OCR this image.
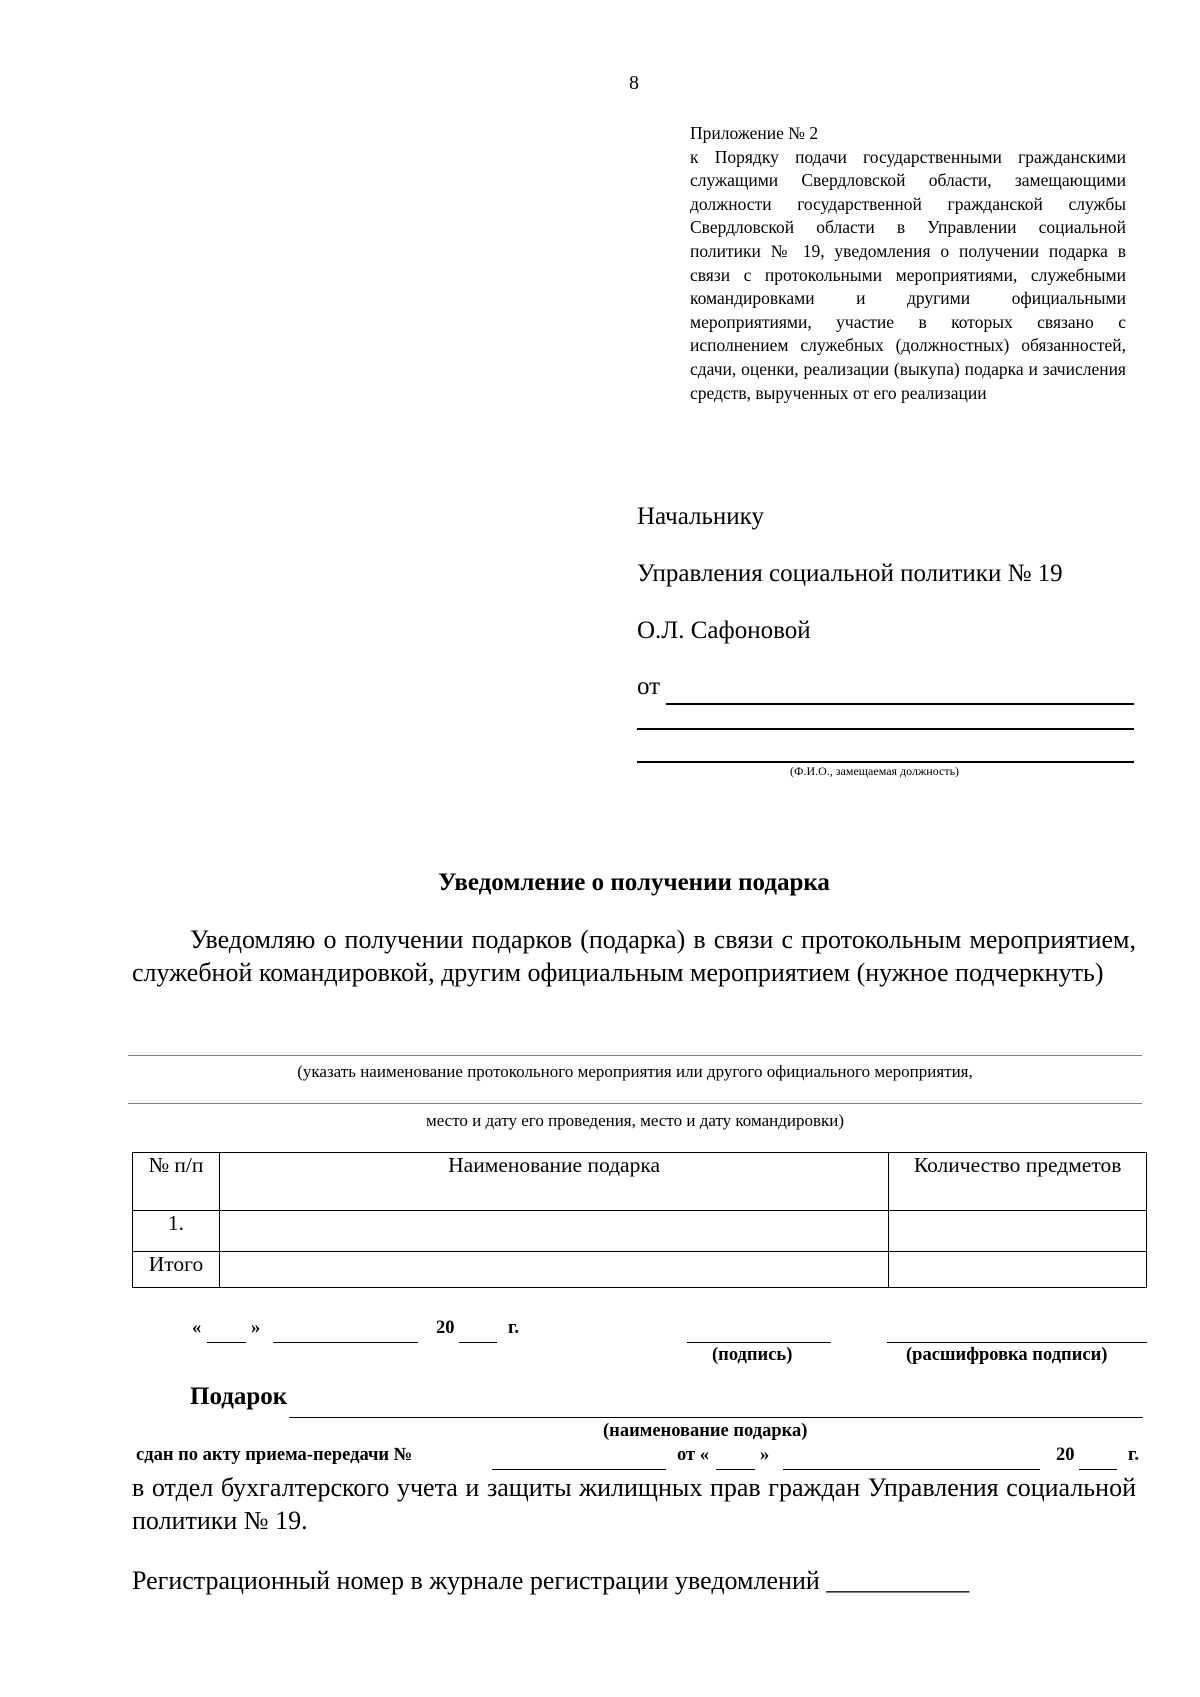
8
Приложение № 2
к Порядку подачи государственными гражданскими служащими Свердловской области, замещающими должности государственной гражданской службы Свердловской области в Управлении социальной политики № 19, уведомления о получении подарка в связи с протокольными мероприятиями, служебными командировками и другими официальными мероприятиями, участие в которых связано с исполнением служебных (должностных) обязанностей, сдачи, оценки, реализации (выкупа) подарка и зачисления средств, вырученных от его реализации
Начальнику
Управления социальной политики № 19
О.Л. Сафоновой
от
(Ф.И.О., замещаемая должность)
Уведомление о получении подарка
Уведомляю о получении подарков (подарка) в связи с протокольным мероприятием, служебной командировкой, другим официальным мероприятием (нужное подчеркнуть)
(указать наименование протокольного мероприятия или другого официального мероприятия,
место и дату его проведения, место и дату командировки)
№ п/п	Наименование подарка	Количество предметов
1.		
Итого		
«	»	20	г.
(подпись)	(расшифровка подписи)
Подарок
(наименование подарка)
сдан по акту приема-передачи №	от «	»	20	г.
в отдел бухгалтерского учета и защиты жилищных прав граждан Управления социальной политики № 19.
Регистрационный номер в журнале регистрации уведомлений ___________
